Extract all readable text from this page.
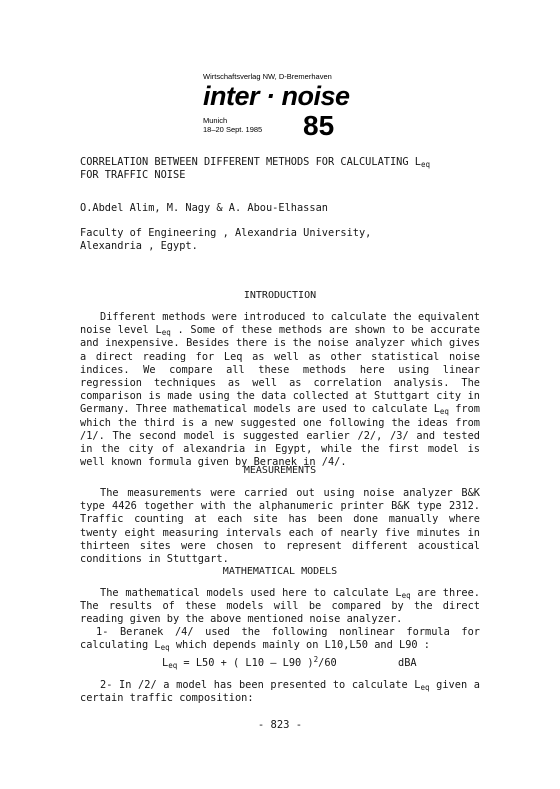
Wirtschaftsverlag NW, D-Bremerhaven
inter · noise
Munich
18–20 Sept. 1985 85
CORRELATION BETWEEN DIFFERENT METHODS FOR CALCULATING $L_{eq}$
FOR TRAFFIC NOISE
O.Abdel Alim, M. Nagy & A. Abou-Elhassan
Faculty of Engineering , Alexandria University,
Alexandria , Egypt.
INTRODUCTION
Different methods were introduced to calculate the equivalent noise level $L_{eq}$ . Some of these methods are shown to be accurate and inexpensive. Besides there is the noise analyzer which gives a direct reading for Leq as well as other statistical noise indices. We compare all these methods here using linear regression techniques as well as correlation analysis. The comparison is made using the data collected at Stuttgart city in Germany. Three mathematical models are used to calculate $L_{eq}$ from which the third is a new suggested one following the ideas from /1/. The second model is suggested earlier /2/, /3/ and tested in the city of alexandria in Egypt, while the first model is well known formula given by Beranek in /4/.
MEASUREMENTS
The measurements were carried out using noise analyzer B&K type 4426 together with the alphanumeric printer B&K type 2312. Traffic counting at each site has been done manually where twenty eight measuring intervals each of nearly five minutes in thirteen sites were chosen to represent different acoustical conditions in Stuttgart.
MATHEMATICAL MODELS
The mathematical models used here to calculate $L_{eq}$ are three. The results of these models will be compared by the direct reading given by the above mentioned noise analyzer.
1- Beranek /4/ used the following nonlinear formula for calculating $L_{eq}$ which depends mainly on L10,L50 and L90 :
$L_{eq} = L50$ + ( L10 – L90 )$^2$/60	dBA
2- In /2/ a model has been presented to calculate $L_{eq}$ given a certain traffic composition:
- 823 -
